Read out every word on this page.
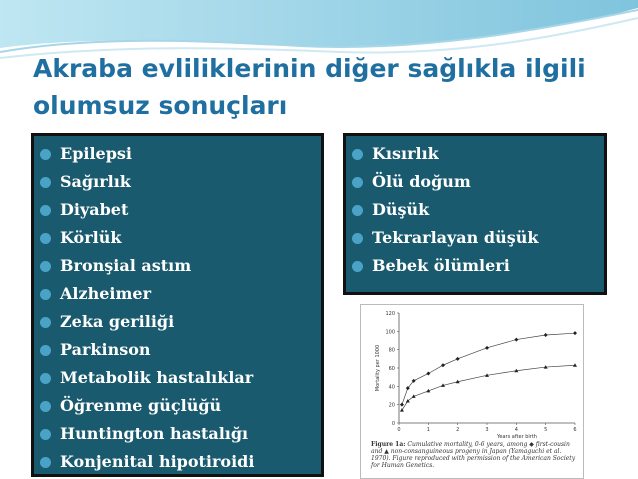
Akraba evliliklerinin diğer sağlıkla ilgili olumsuz sonuçları
Epilepsi
Sağırlık
Diyabet
Körlük
Bronşial astım
Alzheimer
Zeka geriliği
Parkinson
Metabolik hastalıklar
Öğrenme güçlüğü
Huntington hastalığı
Konjenital hipotiroidi
Kısırlık
Ölü doğum
Düşük
Tekrarlayan düşük
Bebek ölümleri
0
20
40
60
80
100
120
0	1	2	3	4	5	6
Years after birth
Mortality per 1000
Figure 1a: Cumulative mortality, 0-6 years, among ◆ first-cousin and ▲ non-consanguineous progeny in Japan (Yamaguchi et al. 1970). Figure reproduced with permission of the American Society for Human Genetics.
